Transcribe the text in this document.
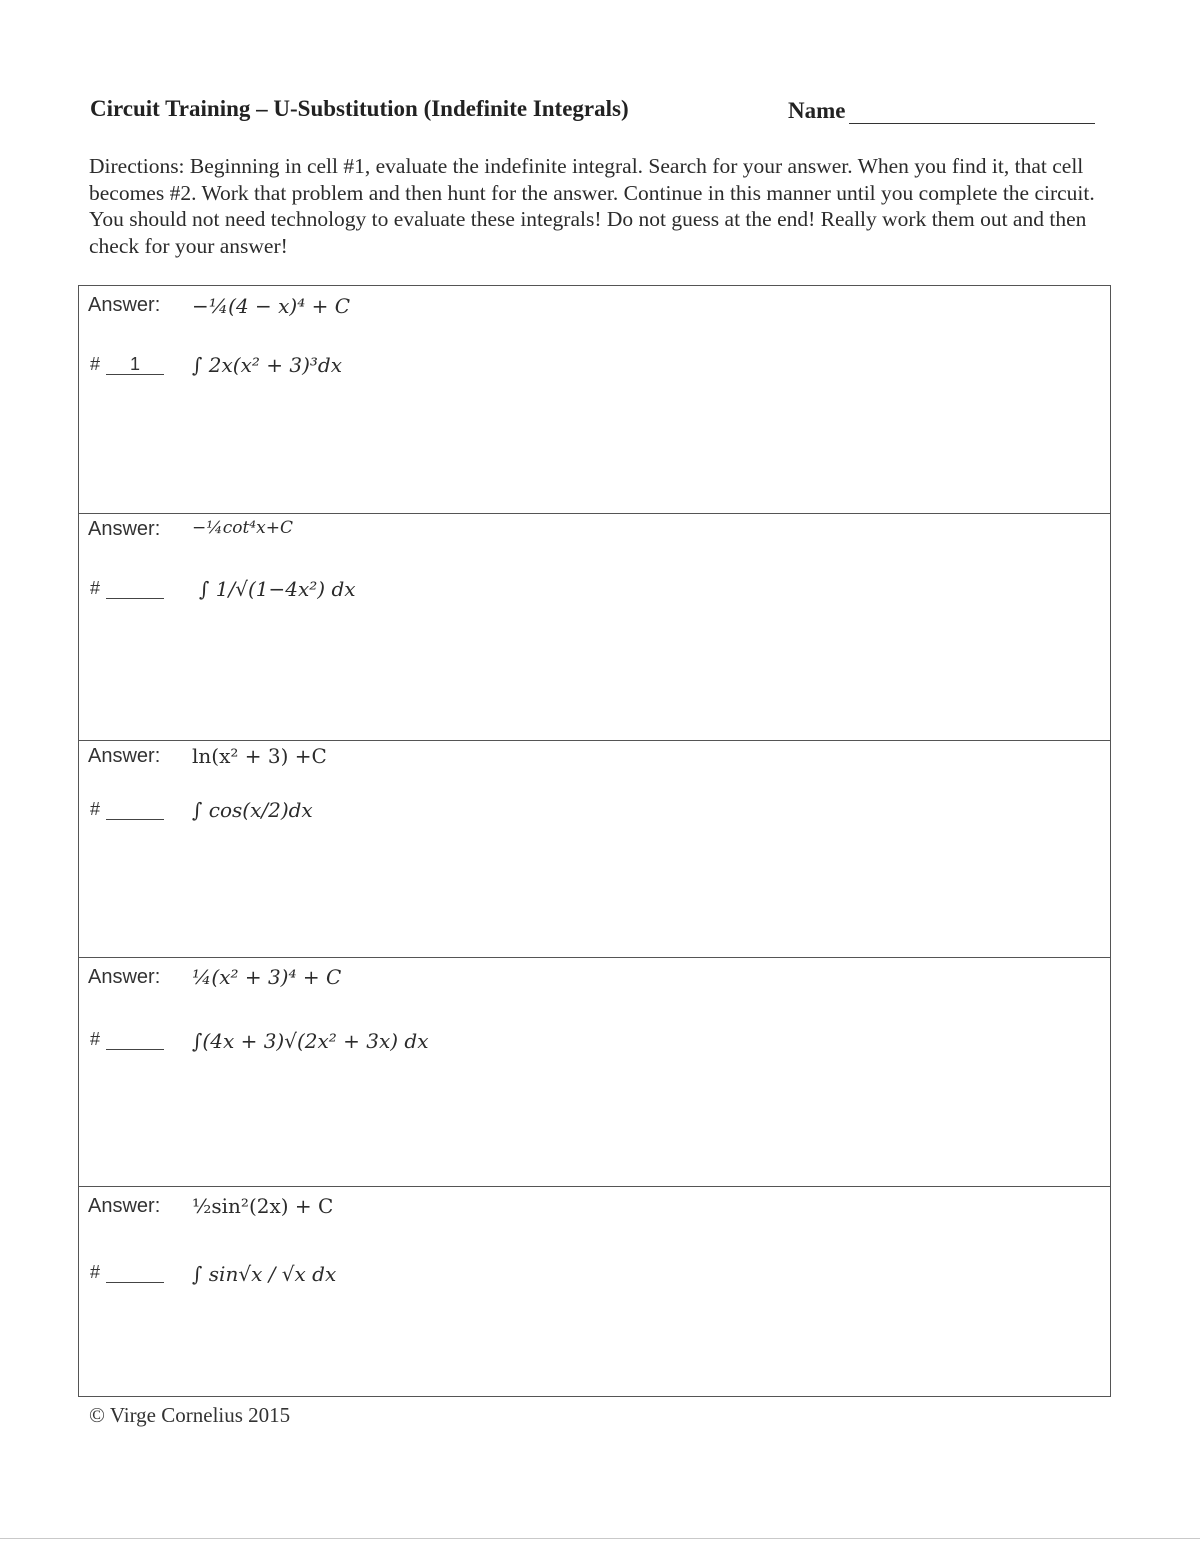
Circuit Training – U-Substitution (Indefinite Integrals)	Name

Directions: Beginning in cell #1, evaluate the indefinite integral. Search for your answer. When you find it, that cell becomes #2. Work that problem and then hunt for the answer. Continue in this manner until you complete the circuit. You should not need technology to evaluate these integrals! Do not guess at the end! Really work them out and then check for your answer!

Answer: −¼(4 − x)⁴ + C
#	1	∫ 2x(x² + 3)³dx
Answer: −¼cot⁴x+C
#	∫ 1/√(1−4x²) dx
Answer: ln(x² + 3) +C
#	∫ cos(x/2)dx
Answer: ¼(x² + 3)⁴ + C
#	∫(4x + 3)√(2x² + 3x) dx
Answer: ½sin²(2x) + C
#	∫ sin√x / √x dx
© Virge Cornelius 2015
